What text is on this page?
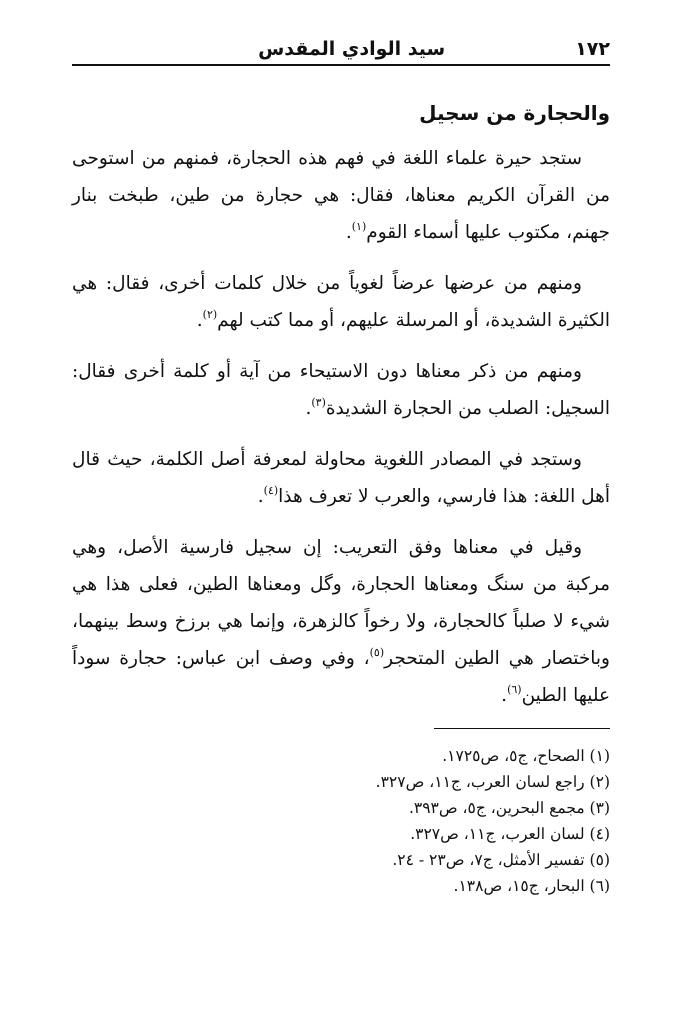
١٧٢
سيد الوادي المقدس
والحجارة من سجيل

ستجد حيرة علماء اللغة في فهم هذه الحجارة، فمنهم من استوحى من القرآن الكريم معناها، فقال: هي حجارة من طين، طبخت بنار جهنم، مكتوب عليها أسماء القوم$^{(١)}$.

ومنهم من عرضها عرضاً لغوياً من خلال كلمات أخرى، فقال: هي الكثيرة الشديدة، أو المرسلة عليهم، أو مما كتب لهم$^{(٢)}$.

ومنهم من ذكر معناها دون الاستيحاء من آية أو كلمة أخرى فقال: السجيل: الصلب من الحجارة الشديدة$^{(٣)}$.

وستجد في المصادر اللغوية محاولة لمعرفة أصل الكلمة، حيث قال أهل اللغة: هذا فارسي، والعرب لا تعرف هذا$^{(٤)}$.

وقيل في معناها وفق التعريب: إن سجيل فارسية الأصل، وهي مركبة من سنگ ومعناها الحجارة، وگل ومعناها الطين، فعلى هذا هي شيء لا صلباً كالحجارة، ولا رخواً كالزهرة، وإنما هي برزخ وسط بينهما، وباختصار هي الطين المتحجر$^{(٥)}$، وفي وصف ابن عباس: حجارة سوداً عليها الطين$^{(٦)}$.

(١) الصحاح، ج٥، ص١٧٢٥.
(٢) راجع لسان العرب، ج١١، ص٣٢٧.
(٣) مجمع البحرين، ج٥، ص٣٩٣.
(٤) لسان العرب، ج١١، ص٣٢٧.
(٥) تفسير الأمثل، ج٧، ص٢٣ - ٢٤.
(٦) البحار، ج١٥، ص١٣٨.
